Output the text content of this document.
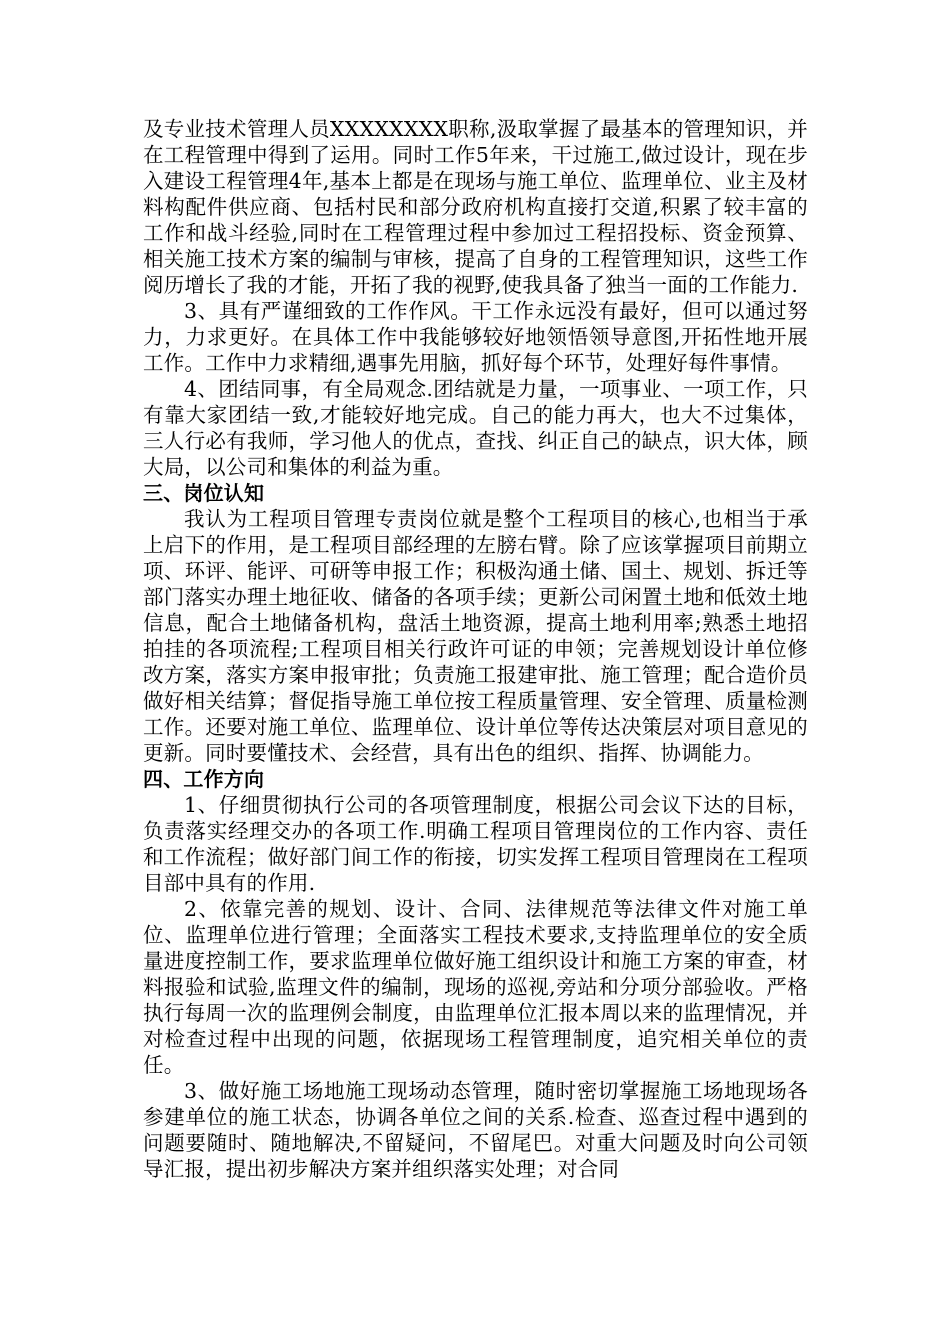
及专业技术管理人员XXXXXXXX职称,汲取掌握了最基本的管理知识，并在工程管理中得到了运用。同时工作5年来，干过施工,做过设计，现在步入建设工程管理4年,基本上都是在现场与施工单位、监理单位、业主及材料构配件供应商、包括村民和部分政府机构直接打交道,积累了较丰富的工作和战斗经验,同时在工程管理过程中参加过工程招投标、资金预算、相关施工技术方案的编制与审核，提高了自身的工程管理知识，这些工作阅历增长了我的才能，开拓了我的视野,使我具备了独当一面的工作能力.

3、具有严谨细致的工作作风。干工作永远没有最好，但可以通过努力，力求更好。在具体工作中我能够较好地领悟领导意图,开拓性地开展工作。工作中力求精细,遇事先用脑，抓好每个环节，处理好每件事情。

4、团结同事，有全局观念.团结就是力量，一项事业、一项工作，只有靠大家团结一致,才能较好地完成。自己的能力再大，也大不过集体，三人行必有我师，学习他人的优点，查找、纠正自己的缺点，识大体，顾大局，以公司和集体的利益为重。

三、岗位认知

我认为工程项目管理专责岗位就是整个工程项目的核心,也相当于承上启下的作用，是工程项目部经理的左膀右臂。除了应该掌握项目前期立项、环评、能评、可研等申报工作；积极沟通土储、国土、规划、拆迁等部门落实办理土地征收、储备的各项手续；更新公司闲置土地和低效土地信息，配合土地储备机构，盘活土地资源，提高土地利用率;熟悉土地招拍挂的各项流程;工程项目相关行政许可证的申领；完善规划设计单位修改方案，落实方案申报审批；负责施工报建审批、施工管理；配合造价员做好相关结算；督促指导施工单位按工程质量管理、安全管理、质量检测工作。还要对施工单位、监理单位、设计单位等传达决策层对项目意见的更新。同时要懂技术、会经营，具有出色的组织、指挥、协调能力。

四、工作方向

1、仔细贯彻执行公司的各项管理制度，根据公司会议下达的目标，负责落实经理交办的各项工作.明确工程项目管理岗位的工作内容、责任和工作流程；做好部门间工作的衔接，切实发挥工程项目管理岗在工程项目部中具有的作用.

2、依靠完善的规划、设计、合同、法律规范等法律文件对施工单位、监理单位进行管理；全面落实工程技术要求,支持监理单位的安全质量进度控制工作，要求监理单位做好施工组织设计和施工方案的审查，材料报验和试验,监理文件的编制，现场的巡视,旁站和分项分部验收。严格执行每周一次的监理例会制度，由监理单位汇报本周以来的监理情况，并对检查过程中出现的问题，依据现场工程管理制度，追究相关单位的责任。

3、做好施工场地施工现场动态管理，随时密切掌握施工场地现场各参建单位的施工状态，协调各单位之间的关系.检查、巡查过程中遇到的问题要随时、随地解决,不留疑问，不留尾巴。对重大问题及时向公司领导汇报，提出初步解决方案并组织落实处理；对合同
